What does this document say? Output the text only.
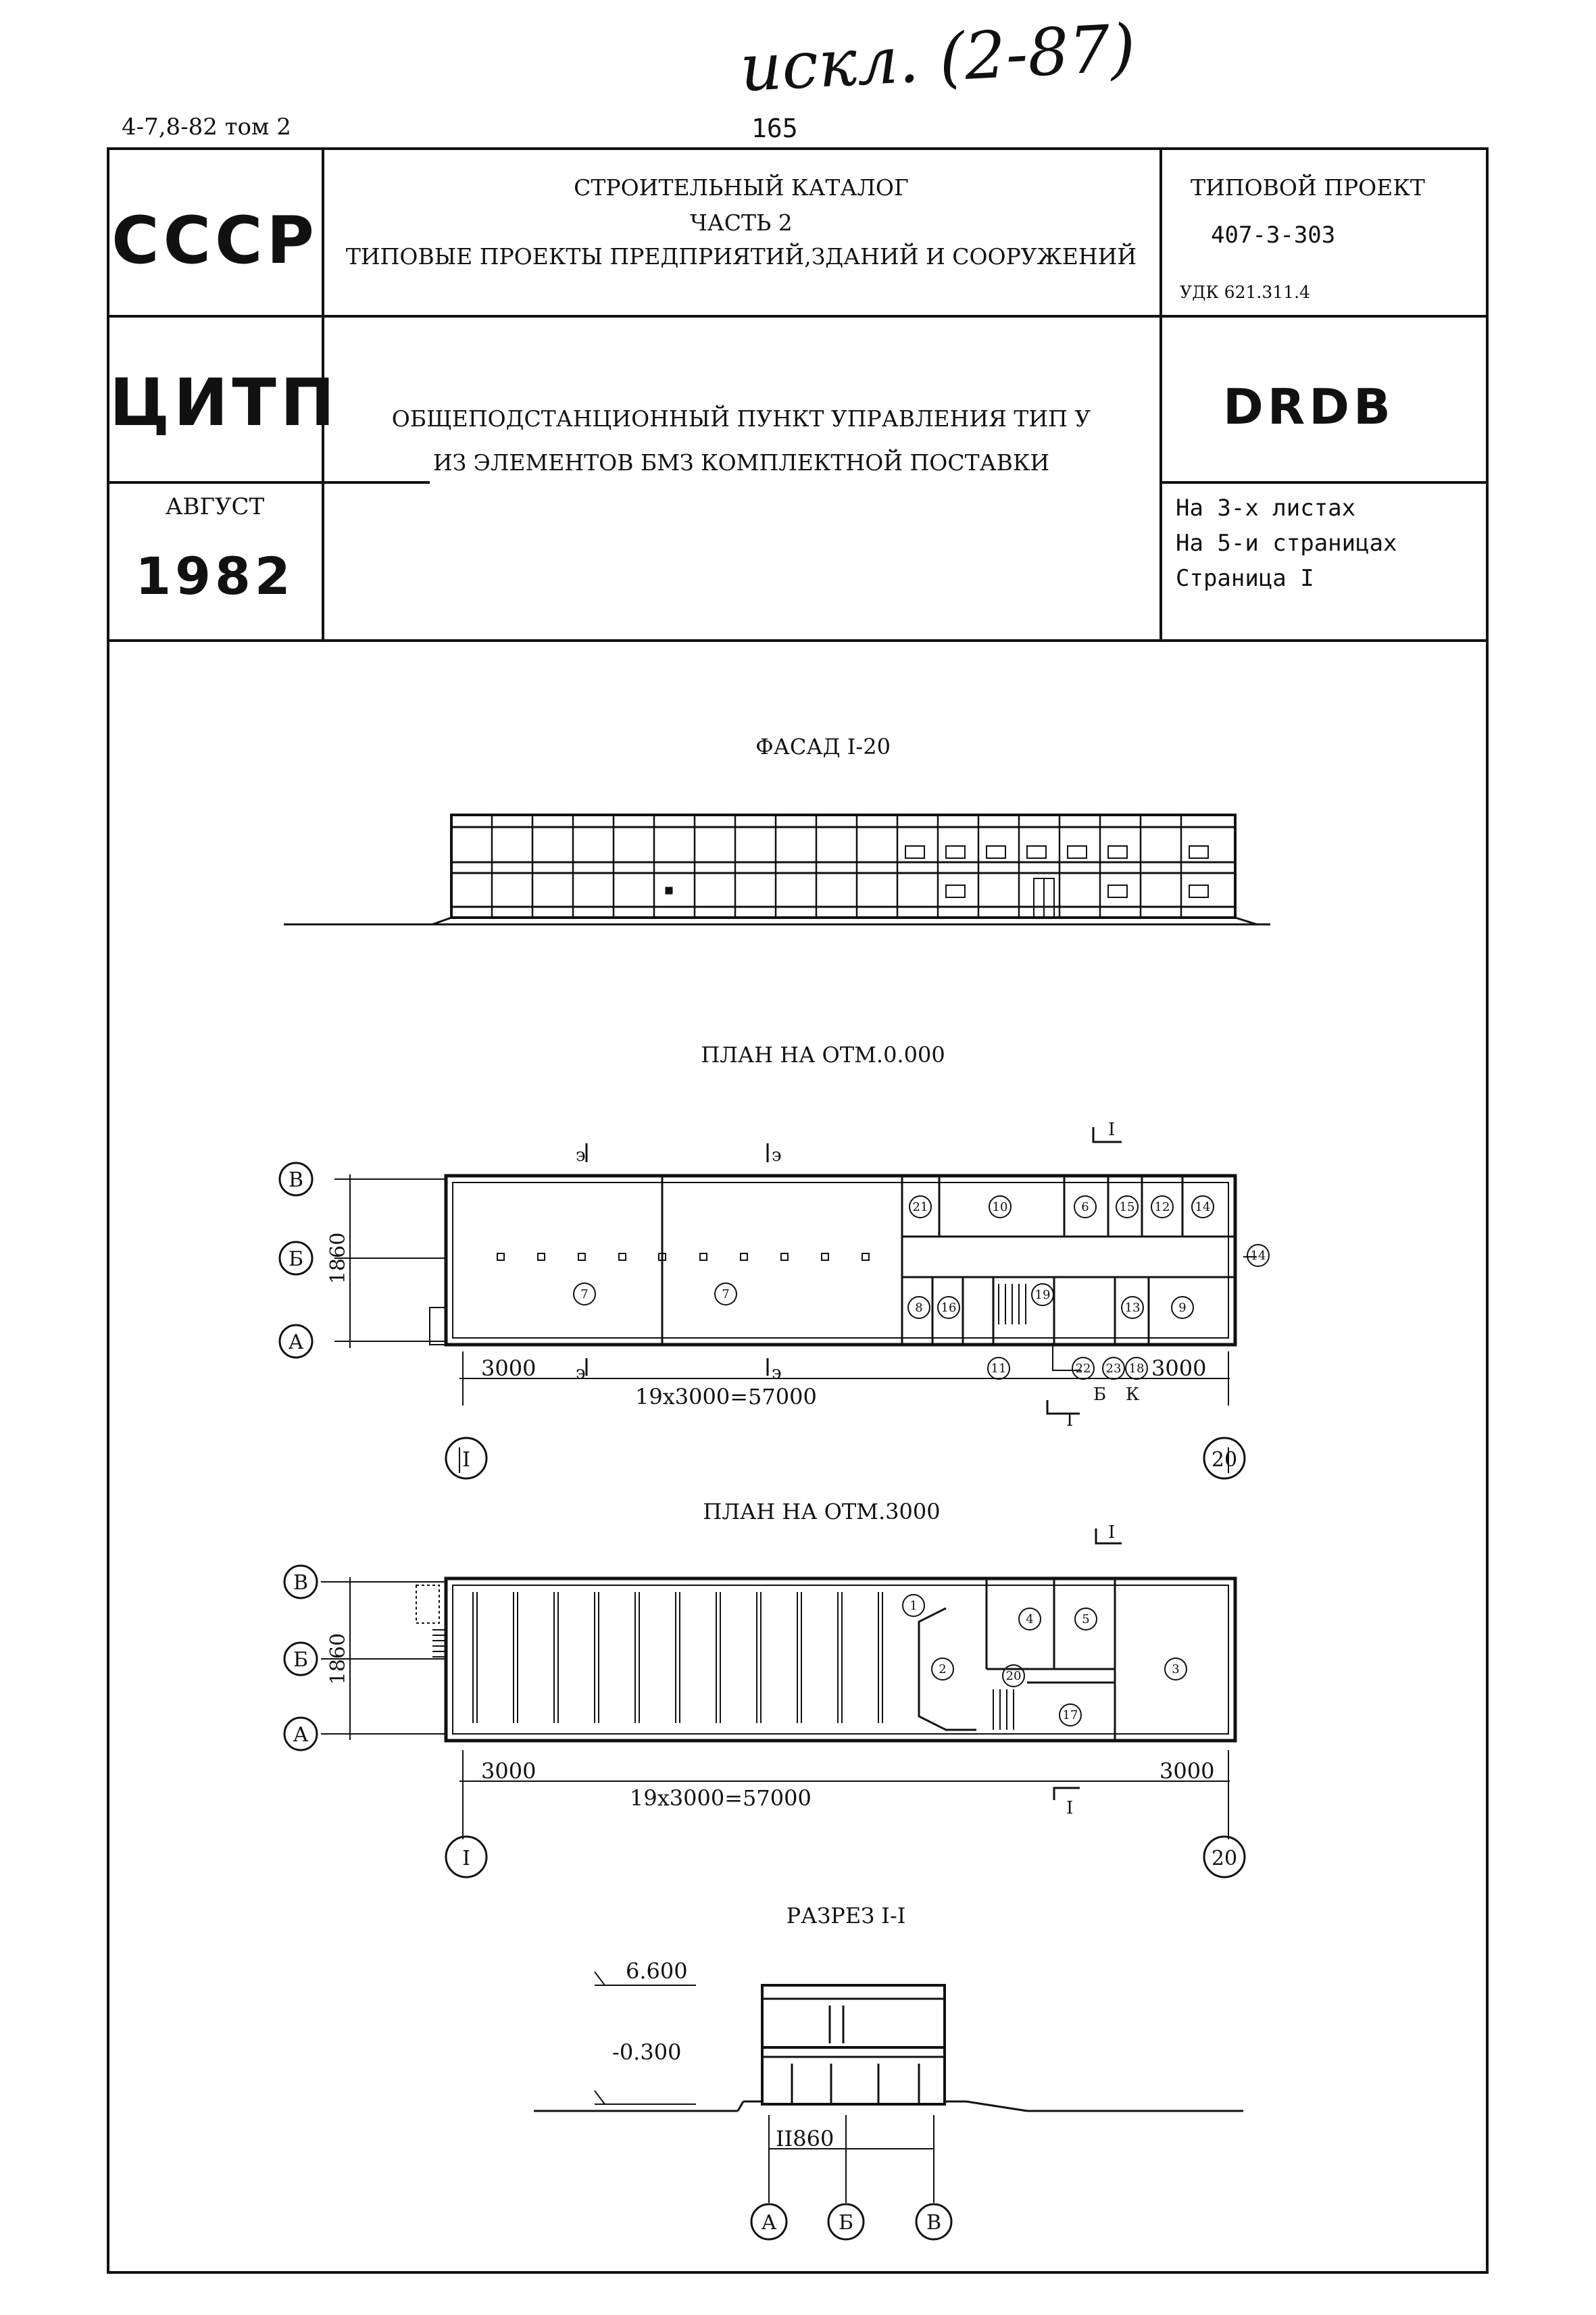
искл. (2-87)
4-7,8-82 том 2	165
СССР
ЦИТП
АВГУСТ
1982
СТРОИТЕЛЬНЫЙ КАТАЛОГ
ЧАСТЬ 2
ТИПОВЫЕ ПРОЕКТЫ ПРЕДПРИЯТИЙ,ЗДАНИЙ И СООРУЖЕНИЙ
ОБЩЕПОДСТАНЦИОННЫЙ ПУНКТ УПРАВЛЕНИЯ ТИП У
ИЗ ЭЛЕМЕНТОВ БМЗ КОМПЛЕКТНОЙ ПОСТАВКИ
ТИПОВОЙ ПРОЕКТ
407-3-303
УДК 621.311.4
DRDB
На 3-х листах
На 5-и страницах
Страница I
ФАСАД I-20
ПЛАН НА ОТМ.0.000
ПЛАН НА ОТМ.3000
РАЗРЕЗ I-I
В
Б
А
I	20
В
Б
А
I	20
А	Б	В
1860
1860
3000	3000
19х3000=57000
3000	3000
19х3000=57000
II860
6.600
-0.300
I
I
I
I
э	э
э	э
Б К
7	7
21	10	6 15 12 14
14
8 16
19
13	9
11	22 23 18
1
2
4	5
3
20
17
